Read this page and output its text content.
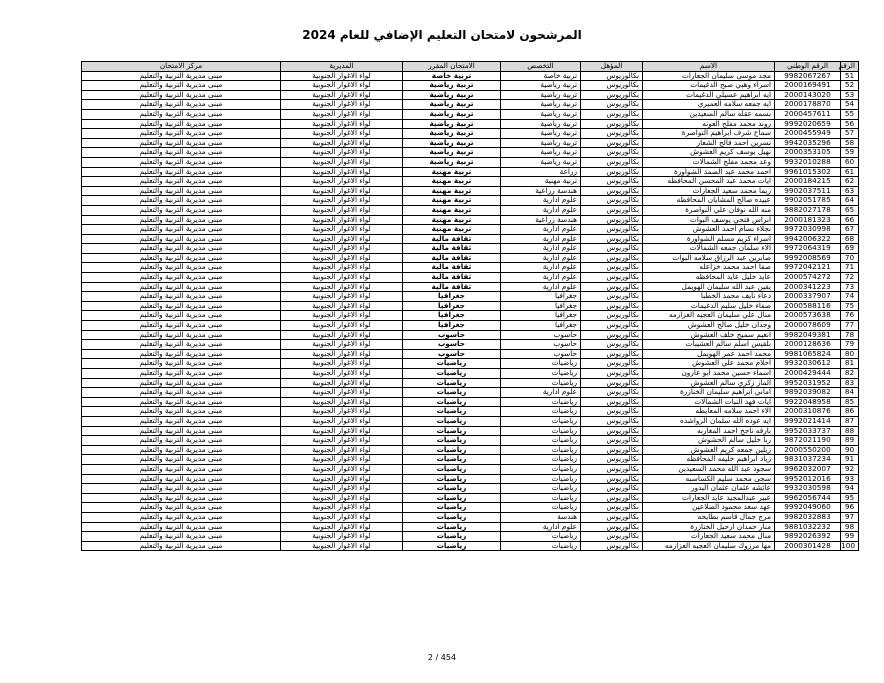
المرشحون لامتحان التعليم الإضافي للعام 2024
الرقم	الرقم الوطني	الاسم	المؤهل	التخصص	الامتحان المقرر	المديرية	مركز الامتحان
51	9982067267	مجد موسى سليمان الجعارات	بكالوريوس	تربية خاصة	تربية خاصة	لواء الاغوار الجنوبية	مبنى مديرية التربية والتعليم
52	2000169491	اسراء وهبي صبح الدغيمات	بكالوريوس	تربية رياضية	تربية رياضية	لواء الاغوار الجنوبية	مبنى مديرية التربية والتعليم
53	2000143020	ايه ابراهيم عسيلي الدغيمات	بكالوريوس	تربية رياضية	تربية رياضية	لواء الاغوار الجنوبية	مبنى مديرية التربية والتعليم
54	2000178870	ايه جمعه سلامه العميري	بكالوريوس	تربية رياضية	تربية رياضية	لواء الاغوار الجنوبية	مبنى مديرية التربية والتعليم
55	2000457611	بسمه عقله سالم السعيدين	بكالوريوس	تربية رياضية	تربية رياضية	لواء الاغوار الجنوبية	مبنى مديرية التربية والتعليم
56	9992020659	روند محمد مفلح العونه	بكالوريوس	تربية رياضية	تربية رياضية	لواء الاغوار الجنوبية	مبنى مديرية التربية والتعليم
57	2000455949	سماح شرف ابراهيم النواصرة	بكالوريوس	تربية رياضية	تربية رياضية	لواء الاغوار الجنوبية	مبنى مديرية التربية والتعليم
58	9942035296	نسرين احمد فالح الشعار	بكالوريوس	تربية رياضية	تربية رياضية	لواء الاغوار الجنوبية	مبنى مديرية التربية والتعليم
59	2000353105	نهيل يوسف كريم العشوش	بكالوريوس	تربية رياضية	تربية رياضية	لواء الاغوار الجنوبية	مبنى مديرية التربية والتعليم
60	9932010288	وعد محمد مفلح الشمالات	بكالوريوس	تربية رياضية	تربية رياضية	لواء الاغوار الجنوبية	مبنى مديرية التربية والتعليم
61	9961015302	احمد محمد عبد الصمد الشواورة	بكالوريوس	زراعة	تربية مهنية	لواء الاغوار الجنوبية	مبنى مديرية التربية والتعليم
62	2000184215	ايات محمد عبد المحسن المحافظه	بكالوريوس	تربية مهنية	تربية مهنية	لواء الاغوار الجنوبية	مبنى مديرية التربية والتعليم
63	9902037511	ريما محمد سعيد الجعارات	بكالوريوس	هندسة زراعية	تربية مهنية	لواء الاغوار الجنوبية	مبنى مديرية التربية والتعليم
64	9902051785	عبيده صالح المشايان المحافظه	بكالوريوس	علوم ادارية	تربية مهنية	لواء الاغوار الجنوبية	مبنى مديرية التربية والتعليم
65	9882027178	منه الله نوفان علي النواصرة	بكالوريوس	علوم ادارية	تربية مهنية	لواء الاغوار الجنوبية	مبنى مديرية التربية والتعليم
66	2000181323	ابراس فتحي يوسف البوات	بكالوريوس	هندسة زراعية	تربية مهنية	لواء الاغوار الجنوبية	مبنى مديرية التربية والتعليم
67	9972030998	نجلاء بسام احمد العشوش	بكالوريوس	علوم ادارية	تربية مهنية	لواء الاغوار الجنوبية	مبنى مديرية التربية والتعليم
68	9942006322	اسراء كريم مسلم الشواورة	بكالوريوس	علوم ادارية	ثقافة مالية	لواء الاغوار الجنوبية	مبنى مديرية التربية والتعليم
69	9972064319	الاء سلمان جمعه الشمالات	بكالوريوس	علوم ادارية	ثقافة مالية	لواء الاغوار الجنوبية	مبنى مديرية التربية والتعليم
70	9992008569	صابرين عبد الرزاق سلامه البوات	بكالوريوس	علوم ادارية	ثقافة مالية	لواء الاغوار الجنوبية	مبنى مديرية التربية والتعليم
71	9972042121	صفا احمد محمد خزاعله	بكالوريوس	علوم ادارية	ثقافة مالية	لواء الاغوار الجنوبية	مبنى مديرية التربية والتعليم
72	2000574272	عايد خليل عايد المحافظه	بكالوريوس	علوم ادارية	ثقافة مالية	لواء الاغوار الجنوبية	مبنى مديرية التربية والتعليم
73	2000341223	يقين عبد الله سليمان الهويمل	بكالوريوس	علوم ادارية	ثقافة مالية	لواء الاغوار الجنوبية	مبنى مديرية التربية والتعليم
74	2000337907	دعاء نايف محمد الخطبا	بكالوريوس	جغرافيا	جغرافيا	لواء الاغوار الجنوبية	مبنى مديرية التربية والتعليم
75	2000588116	صفاء خليل سليم الدغيمات	بكالوريوس	جغرافيا	جغرافيا	لواء الاغوار الجنوبية	مبنى مديرية التربية والتعليم
76	2000573638	منال علي سليمان العجيه العزازمه	بكالوريوس	جغرافيا	جغرافيا	لواء الاغوار الجنوبية	مبنى مديرية التربية والتعليم
77	2000078609	وجدان خليل صالح العشوش	بكالوريوس	جغرافيا	جغرافيا	لواء الاغوار الجنوبية	مبنى مديرية التربية والتعليم
78	9982049381	انغيم سميح خلف العشوش	بكالوريوس	حاسوب	حاسوب	لواء الاغوار الجنوبية	مبنى مديرية التربية والتعليم
79	2000128636	بلقيس اسلم سالم العشيبات	بكالوريوس	حاسوب	حاسوب	لواء الاغوار الجنوبية	مبنى مديرية التربية والتعليم
80	9981065824	محمد احمد عمر الهويمل	بكالوريوس	حاسوب	حاسوب	لواء الاغوار الجنوبية	مبنى مديرية التربية والتعليم
81	9932030612	احلام محمد علي العشوش	بكالوريوس	رياضيات	رياضيات	لواء الاغوار الجنوبية	مبنى مديرية التربية والتعليم
82	2000429444	اسماء حسين محمد ابو عارون	بكالوريوس	رياضيات	رياضيات	لواء الاغوار الجنوبية	مبنى مديرية التربية والتعليم
83	9952031952	الماز زكري سالم العشوش	بكالوريوس	رياضيات	رياضيات	لواء الاغوار الجنوبية	مبنى مديرية التربية والتعليم
84	9892039082	اماني ابراهيم سليمان الخنازرة	بكالوريوس	علوم ادارية	رياضيات	لواء الاغوار الجنوبية	مبنى مديرية التربية والتعليم
85	9922048958	ايات فهد النبات الشمالات	بكالوريوس	رياضيات	رياضيات	لواء الاغوار الجنوبية	مبنى مديرية التربية والتعليم
86	2000310876	آلاء احمد سلامه المعايطه	بكالوريوس	رياضيات	رياضيات	لواء الاغوار الجنوبية	مبنى مديرية التربية والتعليم
87	9992021414	آيه عوده الله سلمان الرواشده	بكالوريوس	رياضيات	رياضيات	لواء الاغوار الجنوبية	مبنى مديرية التربية والتعليم
88	9952033737	بارقه ناجح احمد المغاربه	بكالوريوس	رياضيات	رياضيات	لواء الاغوار الجنوبية	مبنى مديرية التربية والتعليم
89	9872021190	ربا خليل سالم الحشوش	بكالوريوس	رياضيات	رياضيات	لواء الاغوار الجنوبية	مبنى مديرية التربية والتعليم
90	2000550200	زيلين جمعه كريم العشوش	بكالوريوس	رياضيات	رياضيات	لواء الاغوار الجنوبية	مبنى مديرية التربية والتعليم
91	9831037234	زياد ابراهيم خليفه المحافظه	بكالوريوس	رياضيات	رياضيات	لواء الاغوار الجنوبية	مبنى مديرية التربية والتعليم
92	9962032007	سجود عبد الله محمد السعيدين	بكالوريوس	رياضيات	رياضيات	لواء الاغوار الجنوبية	مبنى مديرية التربية والتعليم
93	9952012016	سجى محمد سليم الكساسبه	بكالوريوس	رياضيات	رياضيات	لواء الاغوار الجنوبية	مبنى مديرية التربية والتعليم
94	9932030598	عائشه عثمان عثمان البدور	بكالوريوس	رياضيات	رياضيات	لواء الاغوار الجنوبية	مبنى مديرية التربية والتعليم
95	9962056744	عبير عبدالمجيد عايد الجعارات	بكالوريوس	رياضيات	رياضيات	لواء الاغوار الجنوبية	مبنى مديرية التربية والتعليم
96	9992049060	عهد سعد محمود الضلاعين	بكالوريوس	رياضيات	رياضيات	لواء الاغوار الجنوبية	مبنى مديرية التربية والتعليم
97	9982032883	مرج جمال قاسم بطايحه	بكالوريوس	هندسة	رياضيات	لواء الاغوار الجنوبية	مبنى مديرية التربية والتعليم
98	9881032232	منار حمدان ارحيل الخنازرة	بكالوريوس	علوم ادارية	رياضيات	لواء الاغوار الجنوبية	مبنى مديرية التربية والتعليم
99	9892026392	منال محمد سعيد الجعارات	بكالوريوس	رياضيات	رياضيات	لواء الاغوار الجنوبية	مبنى مديرية التربية والتعليم
100	2000301428	مها مرزوك سليمان العجيه العزازمه	بكالوريوس	رياضيات	رياضيات	لواء الاغوار الجنوبية	مبنى مديرية التربية والتعليم
2 / 454
